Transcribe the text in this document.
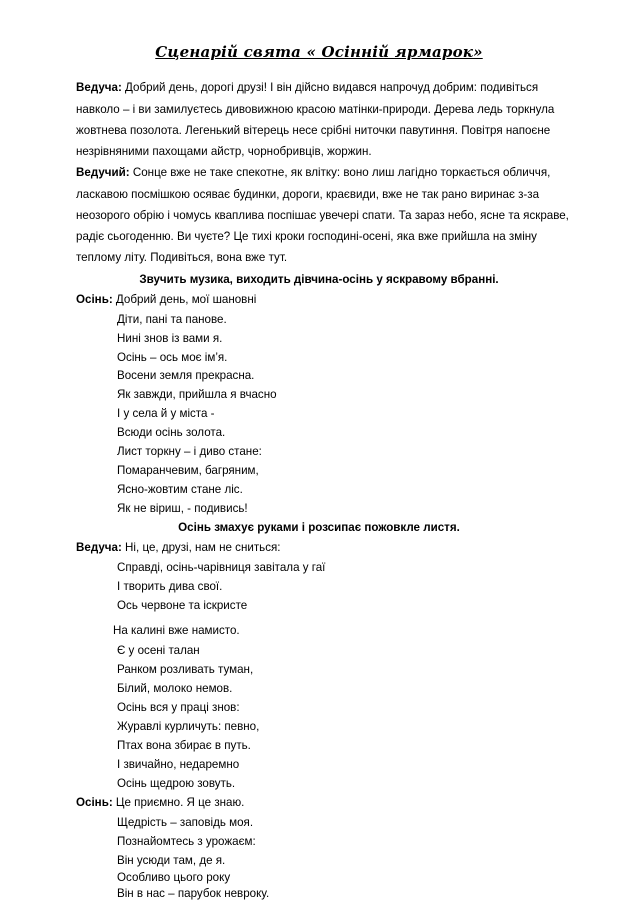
Сценарій свята « Осінній ярмарок»
Ведуча: Добрий день, дорогі друзі! І він дійсно видався напрочуд добрим: подивіться
навколо – і ви замилуєтесь дивовижною красою матінки-природи. Дерева ледь торкнула
жовтнева позолота. Легенький вітерець несе срібні ниточки павутиння. Повітря напоєне
незрівняними пахощами айстр, чорнобривців, жоржин.
Ведучий: Сонце вже не таке спекотне, як влітку: воно лиш лагідно торкається обличчя,
ласкавою посмішкою осяває будинки, дороги, краєвиди, вже не так рано виринає з-за
неозорого обрію і чомусь кваплива поспішає увечері спати. Та зараз небо, ясне та яскраве,
радіє сьогоденню. Ви чуєте? Це тихі кроки господині-осені, яка вже прийшла на зміну
теплому літу. Подивіться, вона вже тут.
Звучить музика, виходить дівчина-осінь у яскравому вбранні.
Осінь: Добрий день, мої шановні
Діти, пані та панове.
Нині знов із вами я.
Осінь – ось моє ім’я.
Восени земля прекрасна.
Як завжди, прийшла я вчасно
І у села й у міста -
Всюди осінь золота.
Лист торкну – і диво стане:
Помаранчевим, багряним,
Ясно-жовтим стане ліс.
Як не віриш, - подивись!
Осінь змахує руками і розсипає пожовкле листя.
Ведуча: Ні, це, друзі, нам не сниться:
Справді, осінь-чарівниця завітала у гаї
І творить дива свої.
Ось червоне та іскристе
На калині вже намисто.
Є у осені талан
Ранком розливать туман,
Білий, молоко немов.
Осінь вся у праці знов:
Журавлі курличуть: певно,
Птах вона збирає в путь.
І звичайно, недаремно
Осінь щедрою зовуть.
Осінь: Це приємно. Я це знаю.
Щедрість – заповідь моя.
Познайомтесь з урожаєм:
Він усюди там, де я.
Особливо цього року
Він в нас – парубок невроку.
